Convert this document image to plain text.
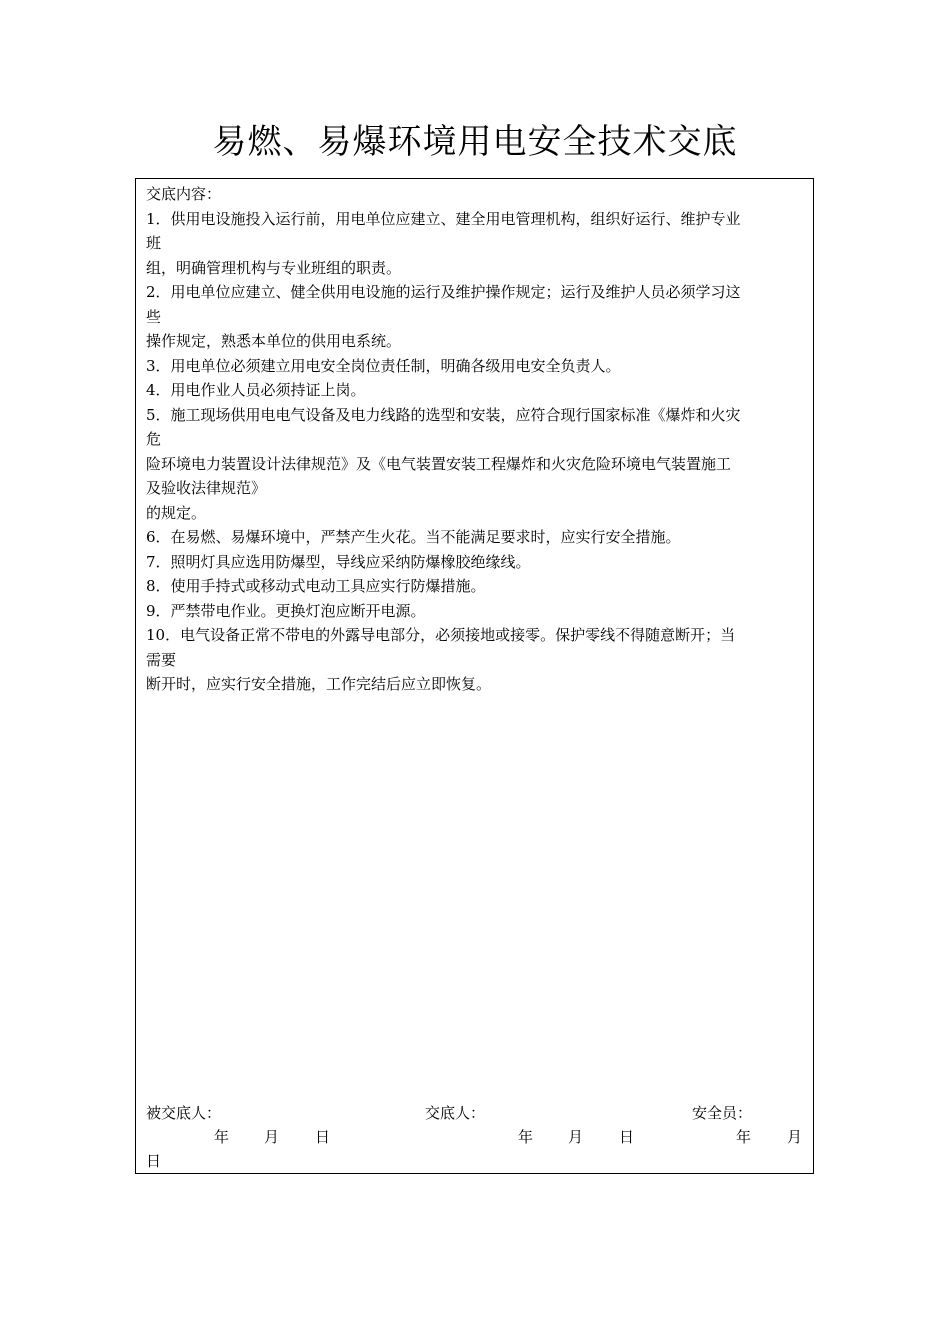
易燃、易爆环境用电安全技术交底
交底内容：
1．供用电设施投入运行前，用电单位应建立、建全用电管理机构，组织好运行、维护专业
班
组，明确管理机构与专业班组的职责。
2．用电单位应建立、健全供用电设施的运行及维护操作规定；运行及维护人员必须学习这
些
操作规定，熟悉本单位的供用电系统。
3．用电单位必须建立用电安全岗位责任制，明确各级用电安全负责人。
4．用电作业人员必须持证上岗。
5．施工现场供用电电气设备及电力线路的选型和安装，应符合现行国家标准《爆炸和火灾
危
险环境电力装置设计法律规范》及《电气装置安装工程爆炸和火灾危险环境电气装置施工
及验收法律规范》
的规定。
6．在易燃、易爆环境中，严禁产生火花。当不能满足要求时，应实行安全措施。
7．照明灯具应选用防爆型，导线应采纳防爆橡胶绝缘线。
8．使用手持式或移动式电动工具应实行防爆措施。
9．严禁带电作业。更换灯泡应断开电源。
10．电气设备正常不带电的外露导电部分，必须接地或接零。保护零线不得随意断开；当
需要
断开时，应实行安全措施，工作完结后应立即恢复。
被交底人：	交底人：	安全员：
年 月 日	年 月 日	年 月
日
